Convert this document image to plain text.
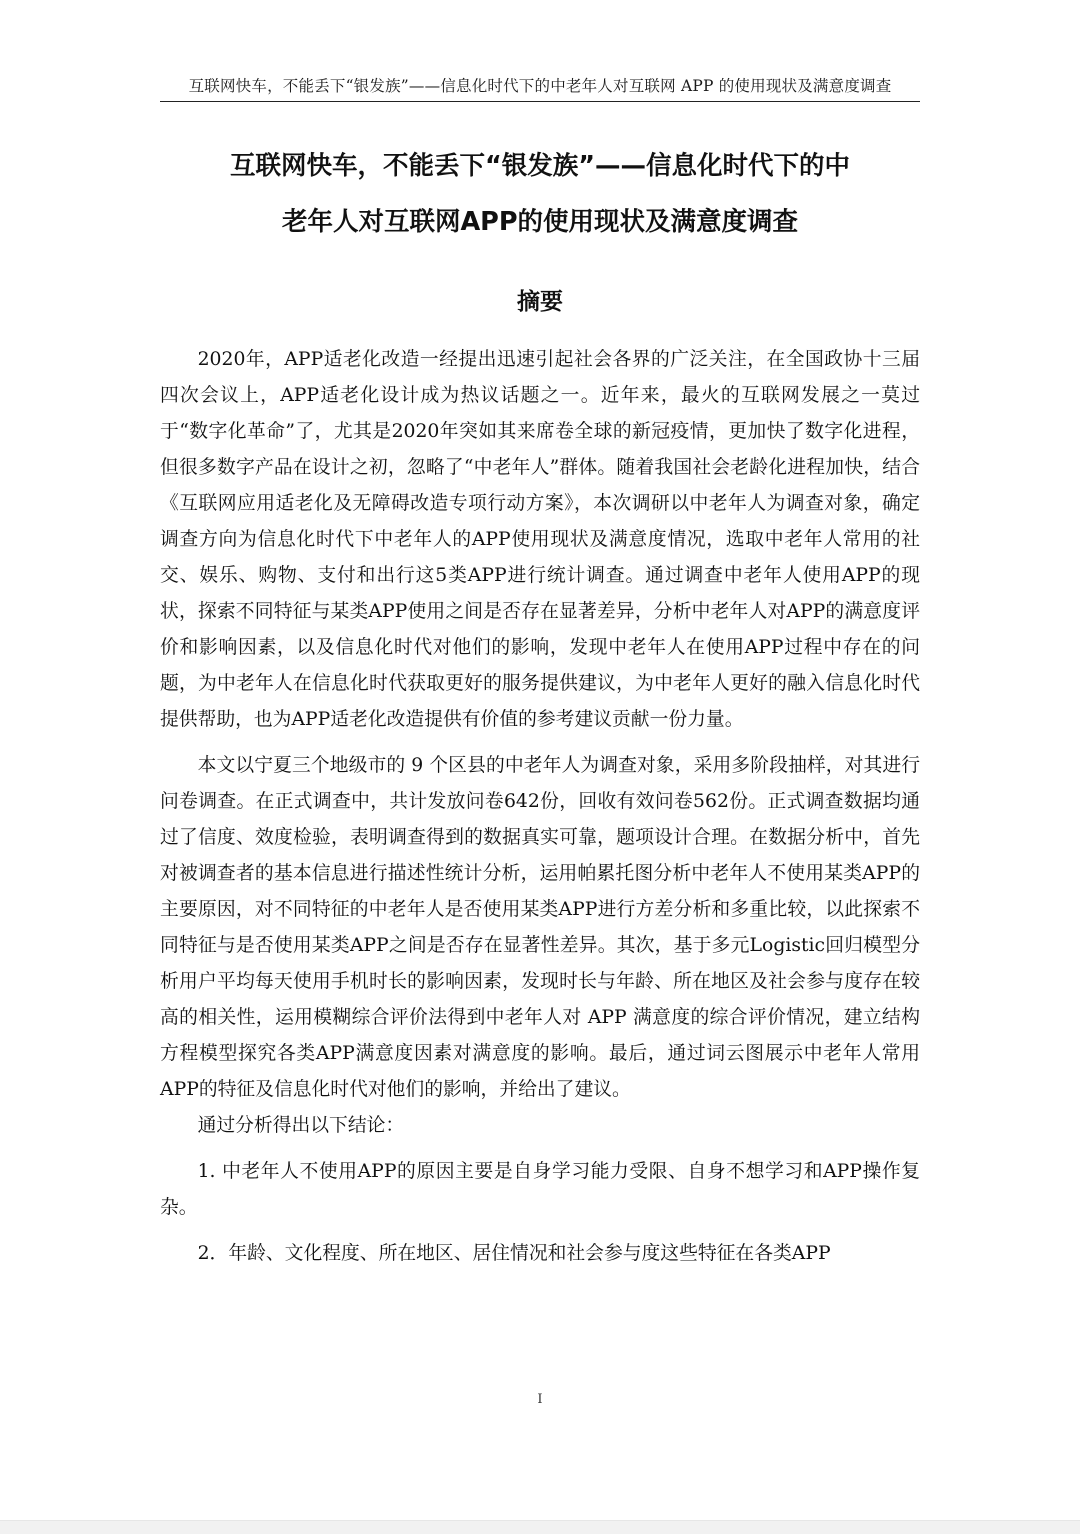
互联网快车，不能丢下“银发族”——信息化时代下的中老年人对互联网 APP 的使用现状及满意度调查
互联网快车，不能丢下“银发族”——信息化时代下的中
老年人对互联网APP的使用现状及满意度调查
摘要

2020年，APP适老化改造一经提出迅速引起社会各界的广泛关注，在全国政协十三届四次会议上，APP适老化设计成为热议话题之一。近年来，最火的互联网发展之一莫过于“数字化革命”了，尤其是2020年突如其来席卷全球的新冠疫情，更加快了数字化进程，但很多数字产品在设计之初，忽略了“中老年人”群体。随着我国社会老龄化进程加快，结合《互联网应用适老化及无障碍改造专项行动方案》，本次调研以中老年人为调查对象，确定调查方向为信息化时代下中老年人的APP使用现状及满意度情况，选取中老年人常用的社交、娱乐、购物、支付和出行这5类APP进行统计调查。通过调查中老年人使用APP的现状，探索不同特征与某类APP使用之间是否存在显著差异，分析中老年人对APP的满意度评价和影响因素，以及信息化时代对他们的影响，发现中老年人在使用APP过程中存在的问题，为中老年人在信息化时代获取更好的服务提供建议，为中老年人更好的融入信息化时代提供帮助，也为APP适老化改造提供有价值的参考建议贡献一份力量。

本文以宁夏三个地级市的 9 个区县的中老年人为调查对象，采用多阶段抽样，对其进行问卷调查。在正式调查中，共计发放问卷642份，回收有效问卷562份。正式调查数据均通过了信度、效度检验，表明调查得到的数据真实可靠，题项设计合理。在数据分析中，首先对被调查者的基本信息进行描述性统计分析，运用帕累托图分析中老年人不使用某类APP的主要原因，对不同特征的中老年人是否使用某类APP进行方差分析和多重比较，以此探索不同特征与是否使用某类APP之间是否存在显著性差异。其次，基于多元Logistic回归模型分析用户平均每天使用手机时长的影响因素，发现时长与年龄、所在地区及社会参与度存在较高的相关性，运用模糊综合评价法得到中老年人对 APP 满意度的综合评价情况，建立结构方程模型探究各类APP满意度因素对满意度的影响。最后，通过词云图展示中老年人常用APP的特征及信息化时代对他们的影响，并给出了建议。

通过分析得出以下结论：

1. 中老年人不使用APP的原因主要是自身学习能力受限、自身不想学习和APP操作复杂。

2．年龄、文化程度、所在地区、居住情况和社会参与度这些特征在各类APP

I
